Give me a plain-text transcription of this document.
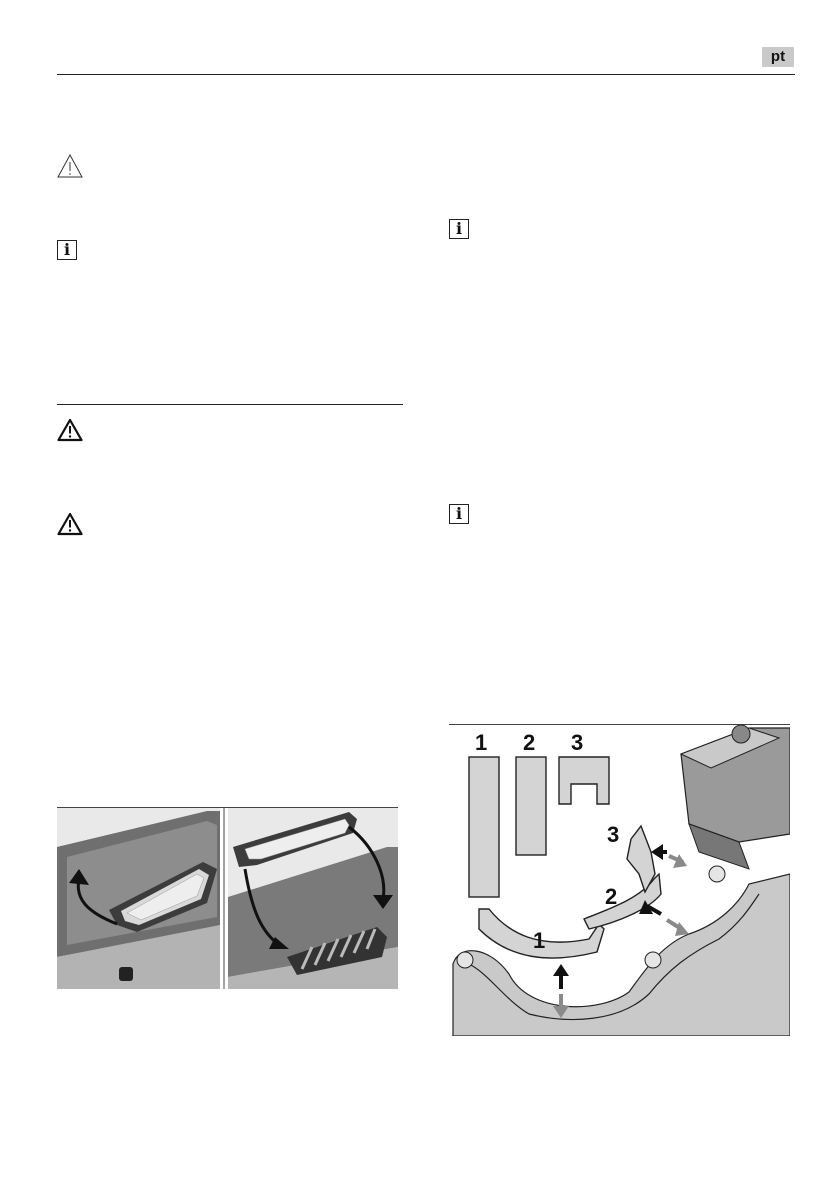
pt
i
i
i
1 2 3
3
2
1
